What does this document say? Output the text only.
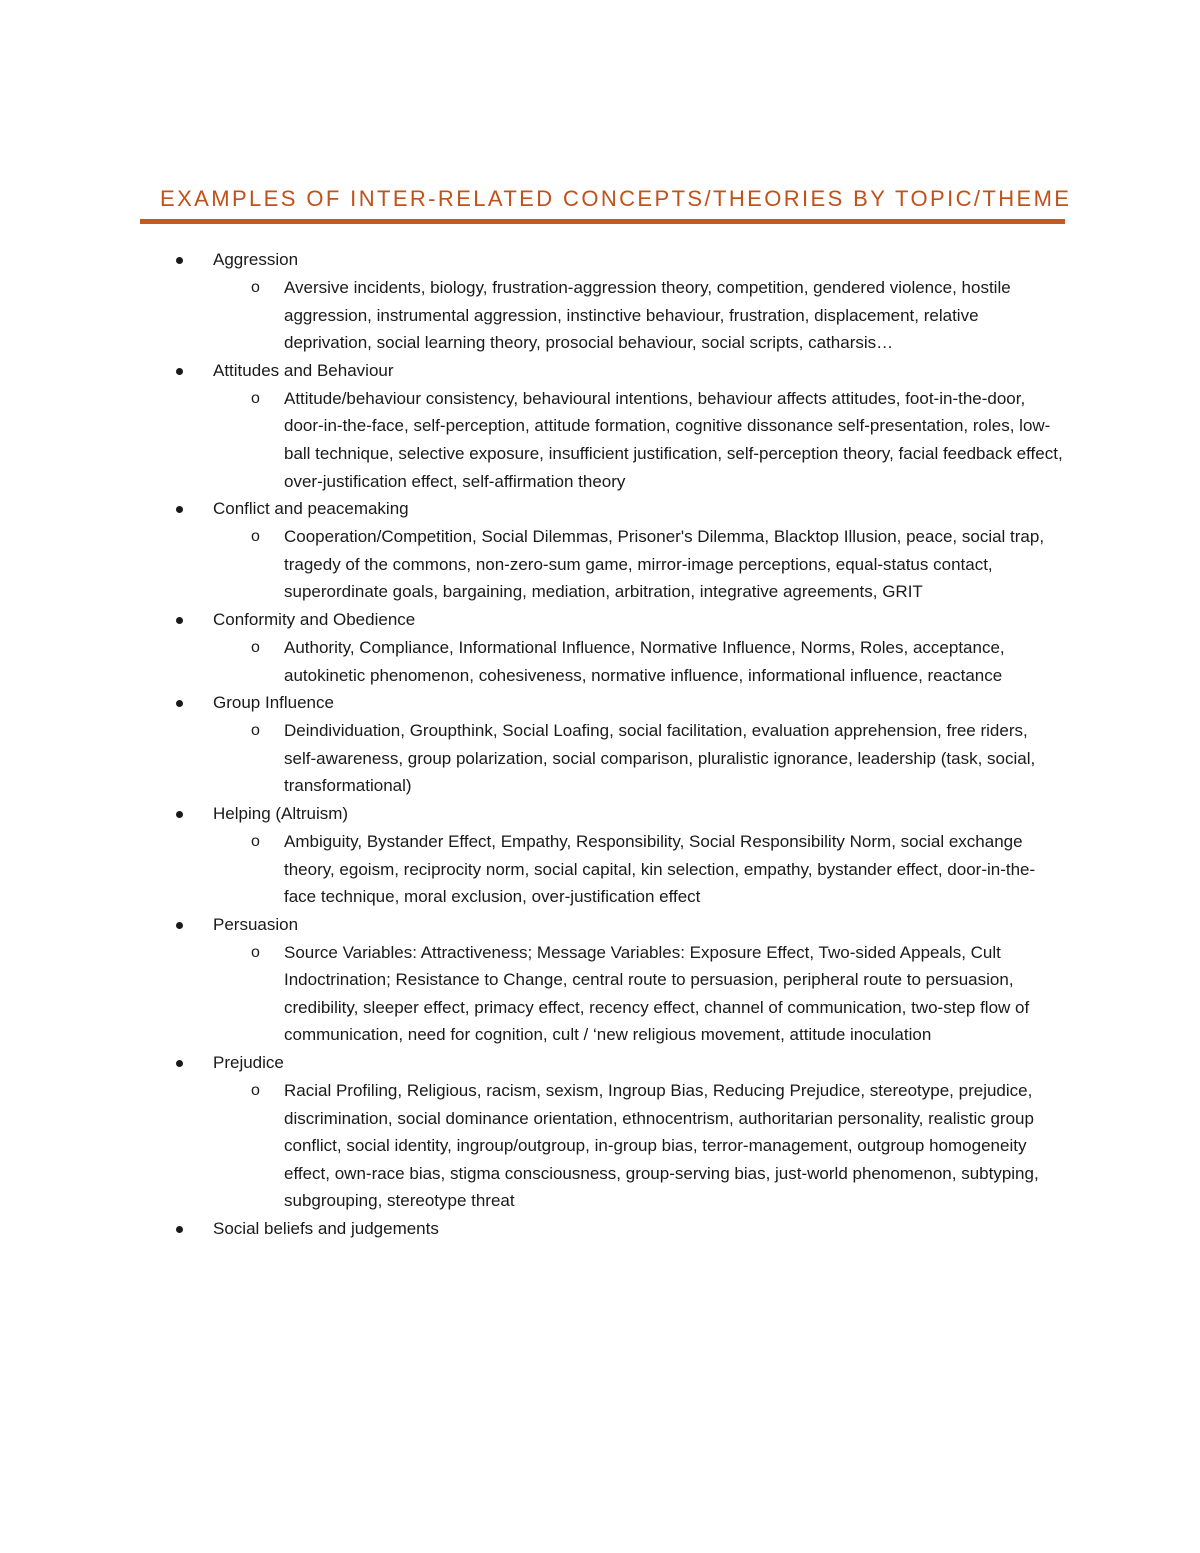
EXAMPLES OF INTER-RELATED CONCEPTS/THEORIES BY TOPIC/THEME
Aggression
o Aversive incidents, biology, frustration-aggression theory, competition, gendered violence, hostile aggression, instrumental aggression, instinctive behaviour, frustration, displacement, relative deprivation, social learning theory, prosocial behaviour, social scripts, catharsis…
Attitudes and Behaviour
o Attitude/behaviour consistency, behavioural intentions, behaviour affects attitudes, foot-in-the-door, door-in-the-face, self-perception, attitude formation, cognitive dissonance self-presentation, roles, low-ball technique, selective exposure, insufficient justification, self-perception theory, facial feedback effect, over-justification effect, self-affirmation theory
Conflict and peacemaking
o Cooperation/Competition, Social Dilemmas, Prisoner's Dilemma, Blacktop Illusion, peace, social trap, tragedy of the commons, non-zero-sum game, mirror-image perceptions, equal-status contact, superordinate goals, bargaining, mediation, arbitration, integrative agreements, GRIT
Conformity and Obedience
o Authority, Compliance, Informational Influence, Normative Influence, Norms, Roles, acceptance, autokinetic phenomenon, cohesiveness, normative influence, informational influence, reactance
Group Influence
o Deindividuation, Groupthink, Social Loafing, social facilitation, evaluation apprehension, free riders, self-awareness, group polarization, social comparison, pluralistic ignorance, leadership (task, social, transformational)
Helping (Altruism)
o Ambiguity, Bystander Effect, Empathy, Responsibility, Social Responsibility Norm, social exchange theory, egoism, reciprocity norm, social capital, kin selection, empathy, bystander effect, door-in-the-face technique, moral exclusion, over-justification effect
Persuasion
o Source Variables: Attractiveness; Message Variables: Exposure Effect, Two-sided Appeals, Cult Indoctrination; Resistance to Change, central route to persuasion, peripheral route to persuasion, credibility, sleeper effect, primacy effect, recency effect, channel of communication, two-step flow of communication, need for cognition, cult / ‘new religious movement, attitude inoculation
Prejudice
o Racial Profiling, Religious, racism, sexism, Ingroup Bias, Reducing Prejudice, stereotype, prejudice, discrimination, social dominance orientation, ethnocentrism, authoritarian personality, realistic group conflict, social identity, ingroup/outgroup, in-group bias, terror-management, outgroup homogeneity effect, own-race bias, stigma consciousness, group-serving bias, just-world phenomenon, subtyping, subgrouping, stereotype threat
Social beliefs and judgements
